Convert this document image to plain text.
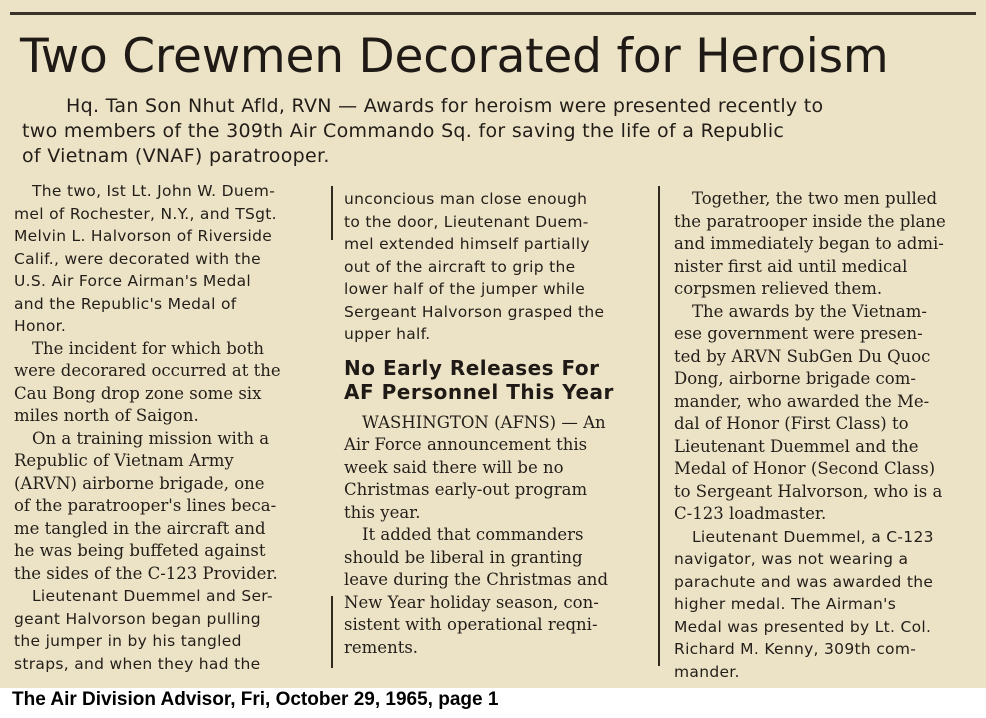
Two Crewmen Decorated for Heroism
Hq. Tan Son Nhut Afld, RVN — Awards for heroism were presented recently to
two members of the 309th Air Commando Sq. for saving the life of a Republic
of Vietnam (VNAF) paratrooper.
The two, Ist Lt. John W. Duem-
mel of Rochester, N.Y., and TSgt.
Melvin L. Halvorson of Riverside
Calif., were decorated with the
U.S. Air Force Airman's Medal
and the Republic's Medal of
Honor.
The incident for which both
were decorared occurred at the
Cau Bong drop zone some six
miles north of Saigon.
On a training mission with a
Republic of Vietnam Army
(ARVN) airborne brigade, one
of the paratrooper's lines beca-
me tangled in the aircraft and
he was being buffeted against
the sides of the C-123 Provider.
Lieutenant Duemmel and Ser-
geant Halvorson began pulling
the jumper in by his tangled
straps, and when they had the
unconcious man close enough
to the door, Lieutenant Duem-
mel extended himself partially
out of the aircraft to grip the
lower half of the jumper while
Sergeant Halvorson grasped the
upper half.
No Early Releases For
AF Personnel This Year
WASHINGTON (AFNS) — An
Air Force announcement this
week said there will be no
Christmas early-out program
this year.
It added that commanders
should be liberal in granting
leave during the Christmas and
New Year holiday season, con-
sistent with operational reqni-
rements.
Together, the two men pulled
the paratrooper inside the plane
and immediately began to admi-
nister first aid until medical
corpsmen relieved them.
The awards by the Vietnam-
ese government were presen-
ted by ARVN SubGen Du Quoc
Dong, airborne brigade com-
mander, who awarded the Me-
dal of Honor (First Class) to
Lieutenant Duemmel and the
Medal of Honor (Second Class)
to Sergeant Halvorson, who is a
C-123 loadmaster.
Lieutenant Duemmel, a C-123
navigator, was not wearing a
parachute and was awarded the
higher medal. The Airman's
Medal was presented by Lt. Col.
Richard M. Kenny, 309th com-
mander.
The Air Division Advisor, Fri, October 29, 1965, page 1
